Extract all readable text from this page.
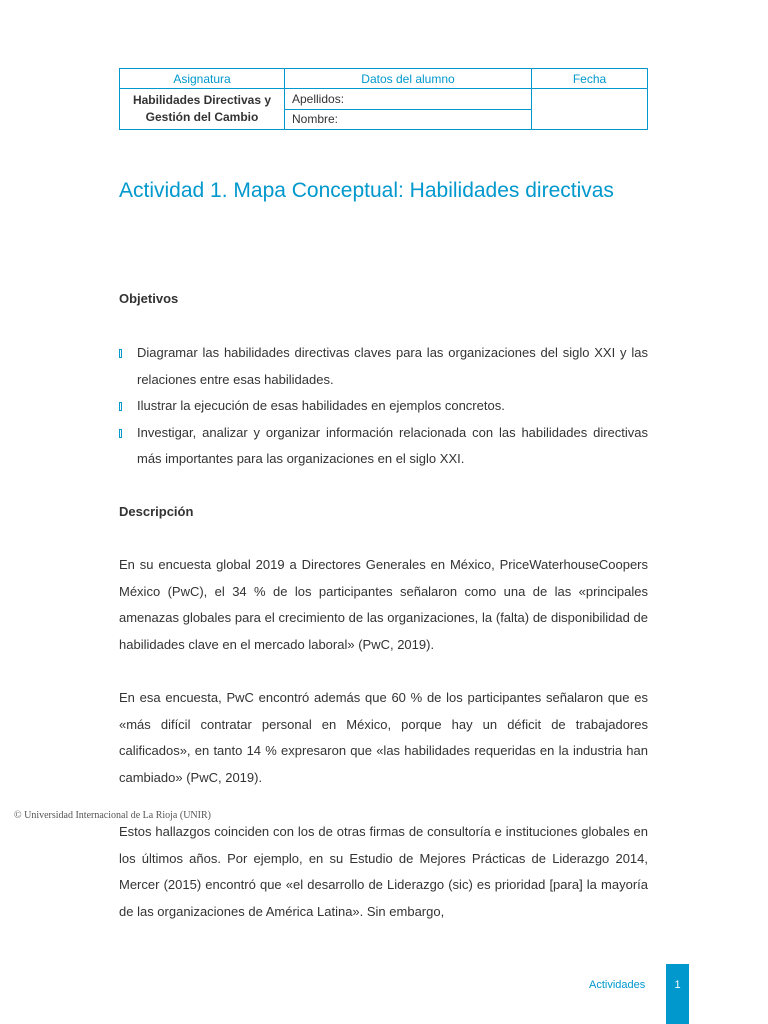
Asignatura	Datos del alumno	Fecha
Habilidades Directivas y Gestión del Cambio	Apellidos:	
	Nombre:	
Actividad 1. Mapa Conceptual: Habilidades directivas
Objetivos
Diagramar las habilidades directivas claves para las organizaciones del siglo XXI y las relaciones entre esas habilidades.
Ilustrar la ejecución de esas habilidades en ejemplos concretos.
Investigar, analizar y organizar información relacionada con las habilidades directivas más importantes para las organizaciones en el siglo XXI.
Descripción

En su encuesta global 2019 a Directores Generales en México, PriceWaterhouseCoopers México (PwC), el 34 % de los participantes señalaron como una de las «principales amenazas globales para el crecimiento de las organizaciones, la (falta) de disponibilidad de habilidades clave en el mercado laboral» (PwC, 2019).

En esa encuesta, PwC encontró además que 60 % de los participantes señalaron que es «más difícil contratar personal en México, porque hay un déficit de trabajadores calificados», en tanto 14 % expresaron que «las habilidades requeridas en la industria han cambiado» (PwC, 2019).

Estos hallazgos coinciden con los de otras firmas de consultoría e instituciones globales en los últimos años. Por ejemplo, en su Estudio de Mejores Prácticas de Liderazgo 2014, Mercer (2015) encontró que «el desarrollo de Liderazgo (sic) es prioridad [para] la mayoría de las organizaciones de América Latina». Sin embargo,

© Universidad Internacional de La Rioja (UNIR)
Actividades	1
